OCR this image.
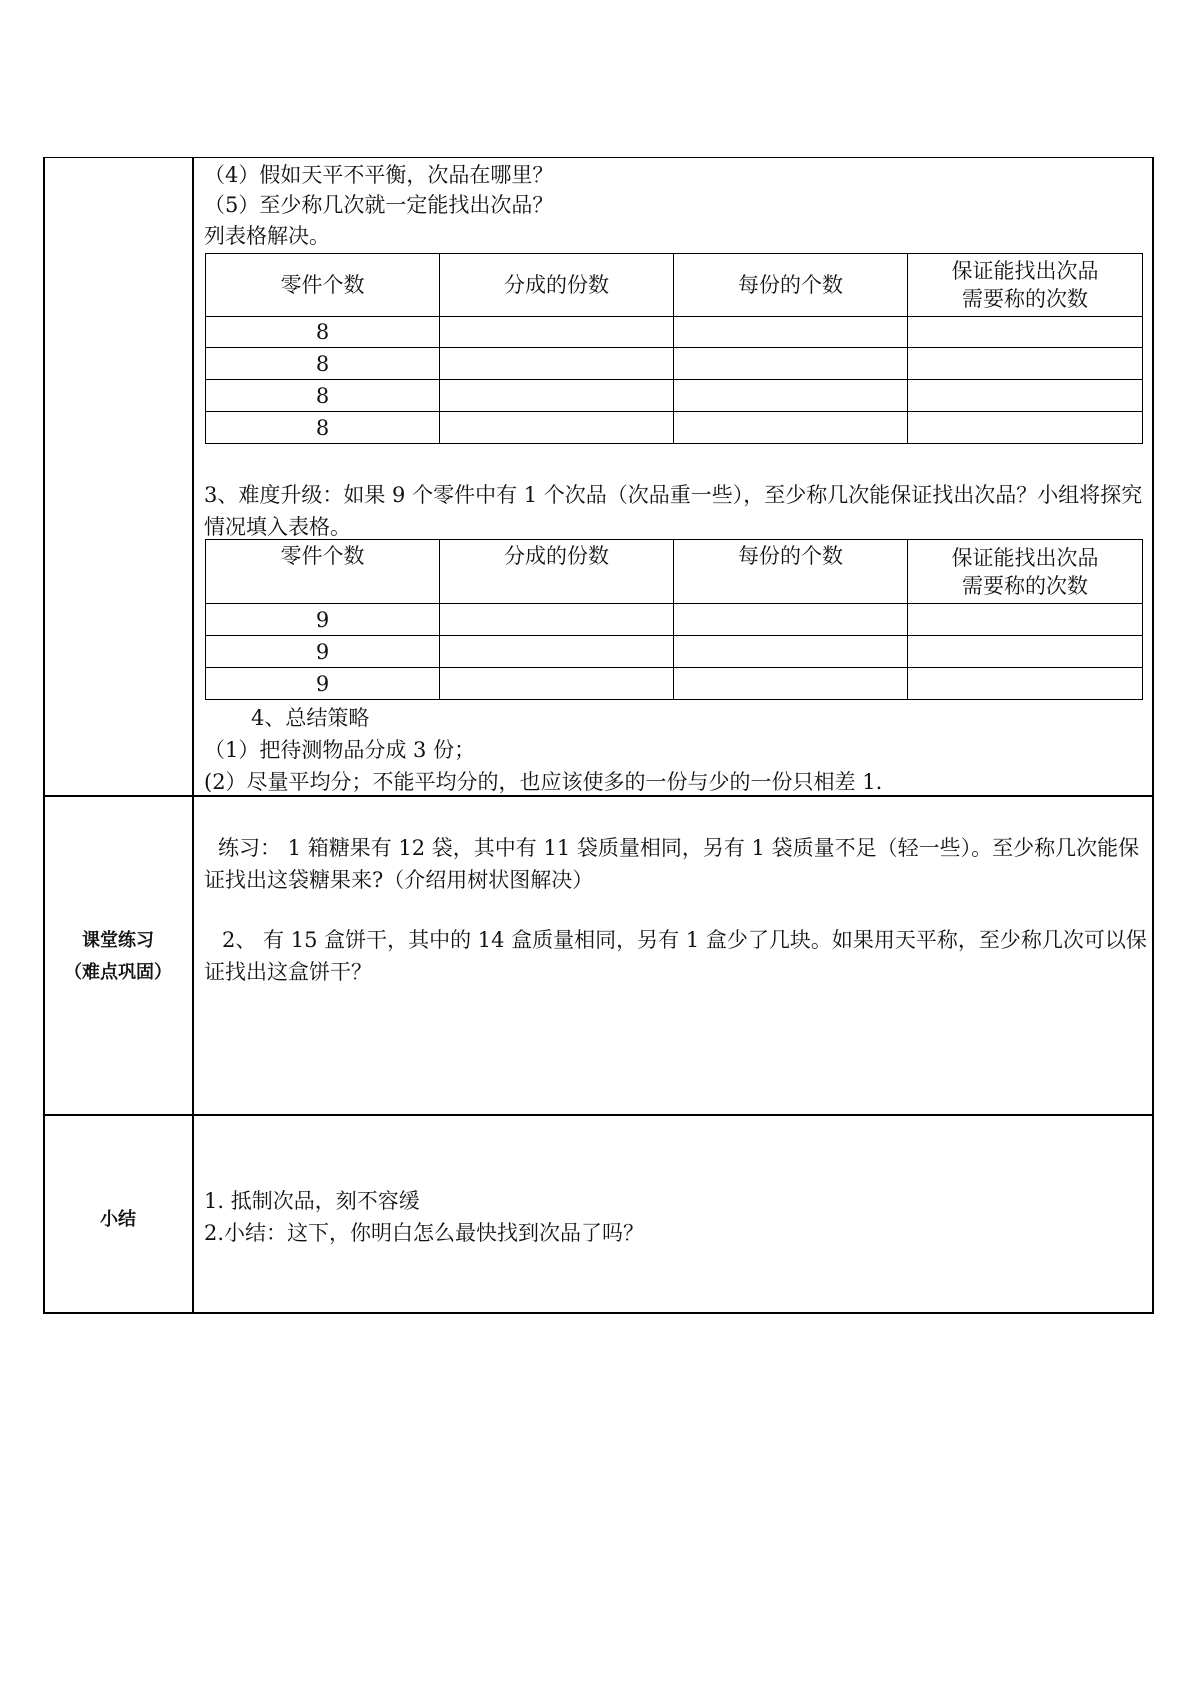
（4）假如天平不平衡，次品在哪里？
（5）至少称几次就一定能找出次品？
列表格解决。
零件个数	分成的份数	每份的个数	保证能找出次品
需要称的次数

8			
8			
8			
8			
3、难度升级：如果 9 个零件中有 1 个次品（次品重一些），至少称几次能保证找出次品？小组将探究情况填入表格。
零件个数	分成的份数	每份的个数	保证能找出次品
需要称的次数

9			
9			
9			
4、总结策略
（1）把待测物品分成 3 份；
(2）尽量平均分；不能平均分的，也应该使多的一份与少的一份只相差 1.
课堂练习
（难点巩固）
练习： 1 箱糖果有 12 袋，其中有 11 袋质量相同，另有 1 袋质量不足（轻一些）。至少称几次能保证找出这袋糖果来?（介绍用树状图解决）
2、 有 15 盒饼干，其中的 14 盒质量相同，另有 1 盒少了几块。如果用天平称，至少称几次可以保证找出这盒饼干？
小结
1. 抵制次品，刻不容缓
2.小结：这下，你明白怎么最快找到次品了吗？
